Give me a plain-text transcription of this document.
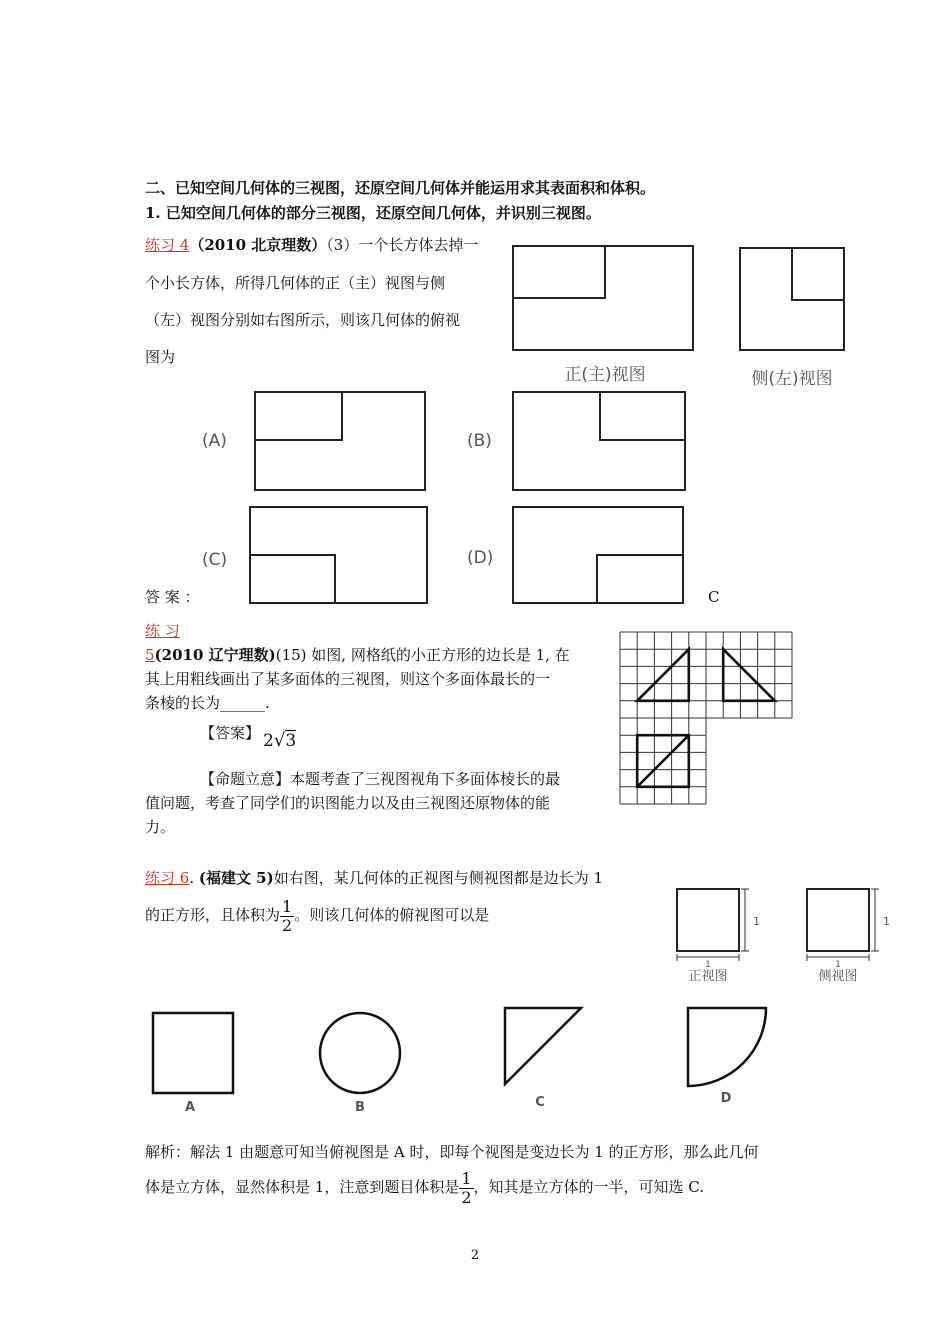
二、已知空间几何体的三视图，还原空间几何体并能运用求其表面积和体积。
1. 已知空间几何体的部分三视图，还原空间几何体，并识别三视图。
练习 4（2010 北京理数）（3）一个长方体去掉一
个小长方体，所得几何体的正（主）视图与侧
（左）视图分别如右图所示，则该几何体的俯视
图为
正(主)视图	侧(左)视图
(A)	(B)
(C)	(D)
答 案 ：	C
练 习
5(2010 辽宁理数)(15) 如图, 网格纸的小正方形的边长是 1, 在
其上用粗线画出了某多面体的三视图，则这个多面体最长的一
条棱的长为______.
【答案】 2√3
【命题立意】本题考查了三视图视角下多面体棱长的最
值问题，考查了同学们的识图能力以及由三视图还原物体的能
力。
练习 6. (福建文 5)如右图，某几何体的正视图与侧视图都是边长为 1
的正方形，且体积为 $\frac{1}{2}$ 。则该几何体的俯视图可以是	1
1
正视图
1
1
侧视图
A	B	C	D
解析：解法 1 由题意可知当俯视图是 A 时，即每个视图是变边长为 1 的正方形，那么此几何
体是立方体，显然体积是 1，注意到题目体积是 $\frac{1}{2}$ ，知其是立方体的一半，可知选 C.
2
